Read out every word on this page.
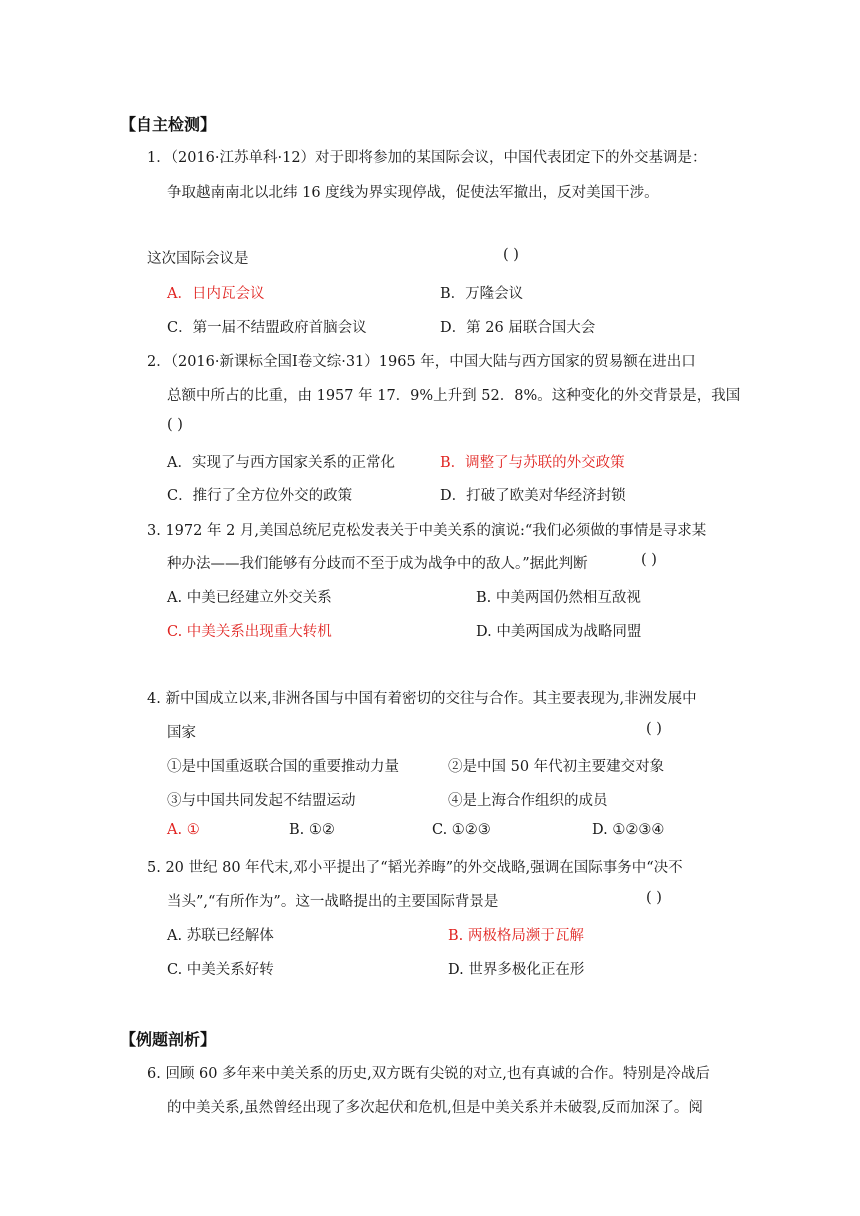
【自主检测】
1．（2016·江苏单科·12）对于即将参加的某国际会议，中国代表团定下的外交基调是：
争取越南南北以北纬 16 度线为界实现停战，促使法军撤出，反对美国干涉。
这次国际会议是	( )
A．日内瓦会议	B．万隆会议
C．第一届不结盟政府首脑会议	D．第 26 届联合国大会
2．（2016·新课标全国Ⅰ卷文综·31）1965 年，中国大陆与西方国家的贸易额在进出口
总额中所占的比重，由 1957 年 17．9%上升到 52．8%。这种变化的外交背景是，我国
( )
A．实现了与西方国家关系的正常化	B．调整了与苏联的外交政策
C．推行了全方位外交的政策	D．打破了欧美对华经济封锁
3. 1972 年 2 月,美国总统尼克松发表关于中美关系的演说:“我们必须做的事情是寻求某
种办法——我们能够有分歧而不至于成为战争中的敌人。”据此判断	( )
A. 中美已经建立外交关系	B. 中美两国仍然相互敌视
C. 中美关系出现重大转机	D. 中美两国成为战略同盟
4. 新中国成立以来,非洲各国与中国有着密切的交往与合作。其主要表现为,非洲发展中
国家	( )
①是中国重返联合国的重要推动力量	②是中国 50 年代初主要建交对象
③与中国共同发起不结盟运动	④是上海合作组织的成员
A. ①	B. ①②	C. ①②③	D. ①②③④
5. 20 世纪 80 年代末,邓小平提出了“韬光养晦”的外交战略,强调在国际事务中“决不
当头”,“有所作为”。这一战略提出的主要国际背景是	( )
A. 苏联已经解体	B. 两极格局濒于瓦解
C. 中美关系好转	D. 世界多极化正在形
【例题剖析】
6. 回顾 60 多年来中美关系的历史,双方既有尖锐的对立,也有真诚的合作。特别是冷战后
的中美关系,虽然曾经出现了多次起伏和危机,但是中美关系并未破裂,反而加深了。阅
